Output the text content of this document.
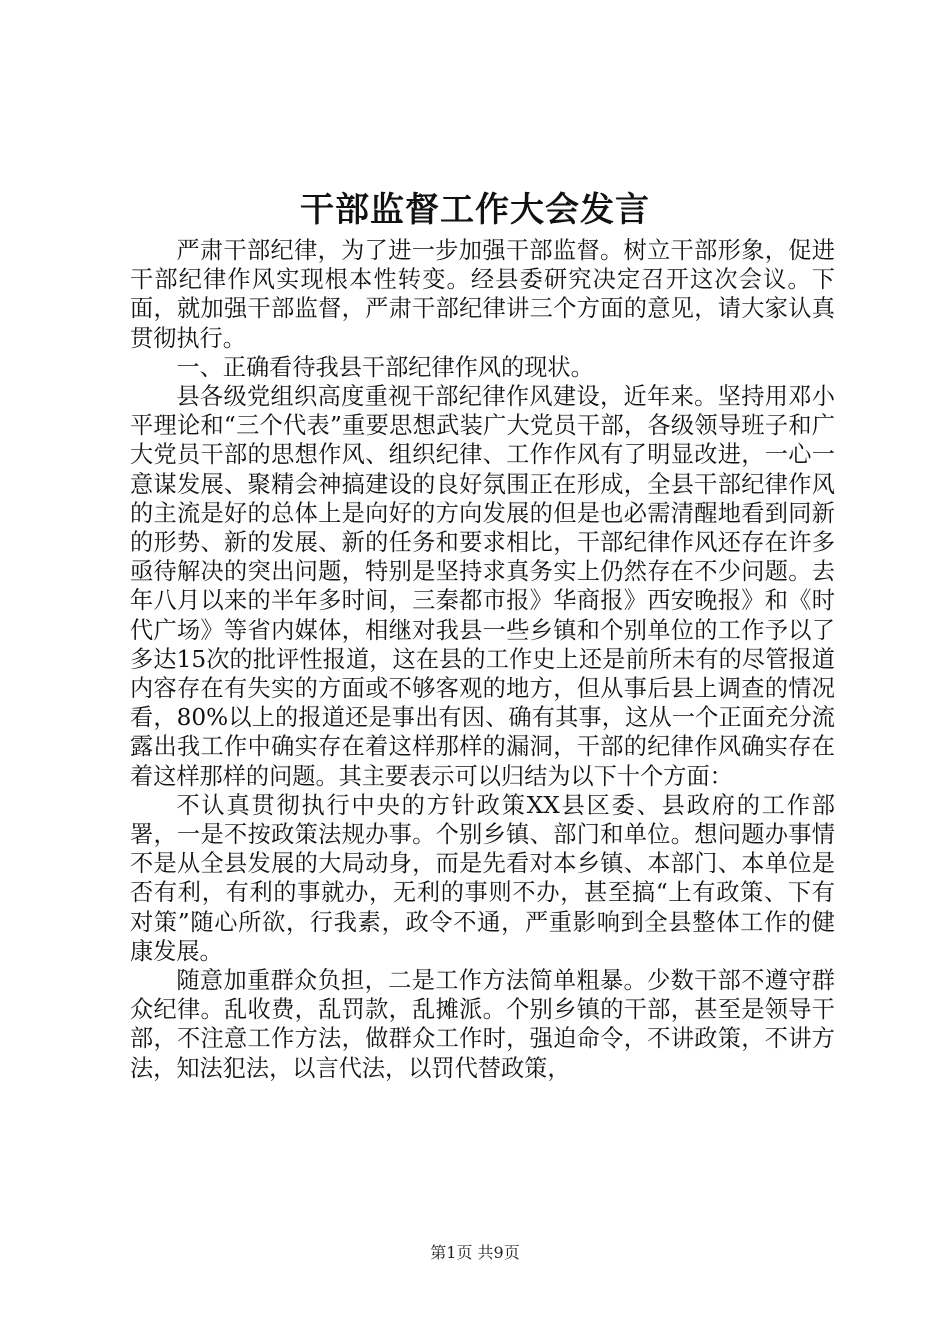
干部监督工作大会发言

严肃干部纪律，为了进一步加强干部监督。树立干部形象，促进干部纪律作风实现根本性转变。经县委研究决定召开这次会议。下面，就加强干部监督，严肃干部纪律讲三个方面的意见，请大家认真贯彻执行。

一、正确看待我县干部纪律作风的现状。

县各级党组织高度重视干部纪律作风建设，近年来。坚持用邓小平理论和“三个代表”重要思想武装广大党员干部，各级领导班子和广大党员干部的思想作风、组织纪律、工作作风有了明显改进，一心一意谋发展、聚精会神搞建设的良好氛围正在形成，全县干部纪律作风的主流是好的总体上是向好的方向发展的但是也必需清醒地看到同新的形势、新的发展、新的任务和要求相比，干部纪律作风还存在许多亟待解决的突出问题，特别是坚持求真务实上仍然存在不少问题。去年八月以来的半年多时间，三秦都市报》华商报》西安晚报》和《时代广场》等省内媒体，相继对我县一些乡镇和个别单位的工作予以了多达15次的批评性报道，这在县的工作史上还是前所未有的尽管报道内容存在有失实的方面或不够客观的地方，但从事后县上调查的情况看，80%以上的报道还是事出有因、确有其事，这从一个正面充分流露出我工作中确实存在着这样那样的漏洞，干部的纪律作风确实存在着这样那样的问题。其主要表示可以归结为以下十个方面：

不认真贯彻执行中央的方针政策XX县区委、县政府的工作部署，一是不按政策法规办事。个别乡镇、部门和单位。想问题办事情不是从全县发展的大局动身，而是先看对本乡镇、本部门、本单位是否有利，有利的事就办，无利的事则不办，甚至搞“上有政策、下有对策”随心所欲，行我素，政令不通，严重影响到全县整体工作的健康发展。

随意加重群众负担，二是工作方法简单粗暴。少数干部不遵守群众纪律。乱收费，乱罚款，乱摊派。个别乡镇的干部，甚至是领导干部，不注意工作方法，做群众工作时，强迫命令，不讲政策，不讲方法，知法犯法，以言代法，以罚代替政策，

第1页 共9页
